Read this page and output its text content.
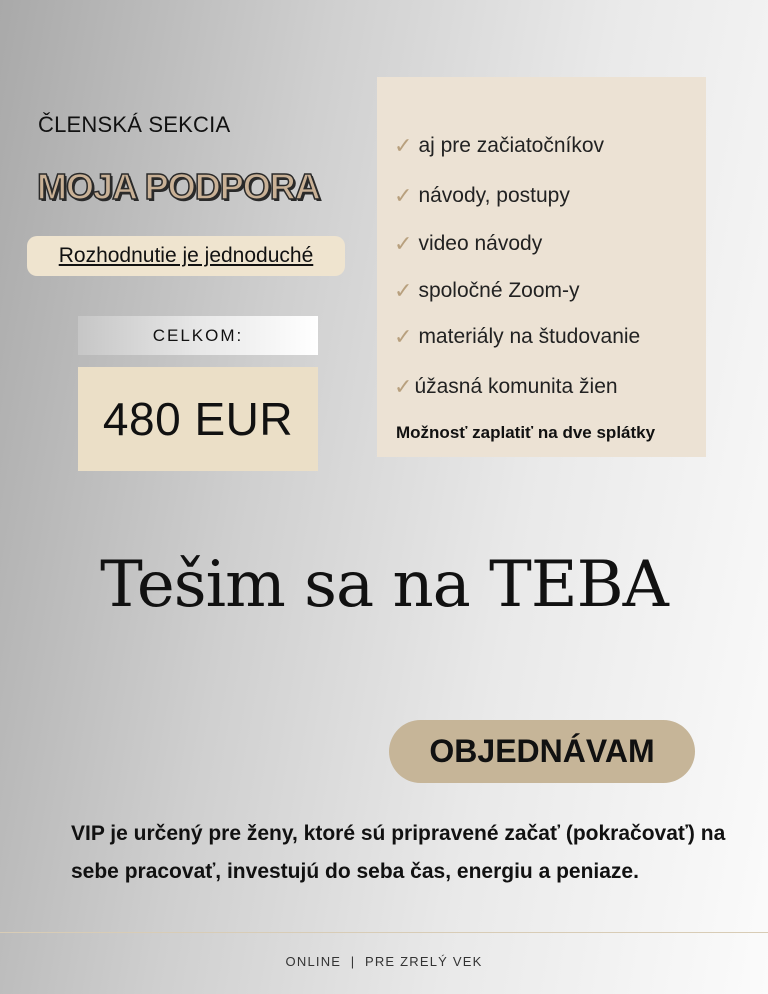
ČLENSKÁ SEKCIA
MOJA PODPORA
Rozhodnutie je jednoduché
CELKOM:
480 EUR
✓ aj pre začiatočníkov
✓ návody, postupy
✓ video návody
✓ spoločné Zoom-y
✓ materiály na študovanie
✓ úžasná komunita žien
Možnosť zaplatiť na dve splátky
Tešim sa na TEBA
OBJEDNÁVAM
VIP je určený pre ženy, ktoré sú pripravené začať (pokračovať) na sebe pracovať, investujú do seba čas, energiu a peniaze.
ONLINE  |  PRE ZRELÝ VEK
